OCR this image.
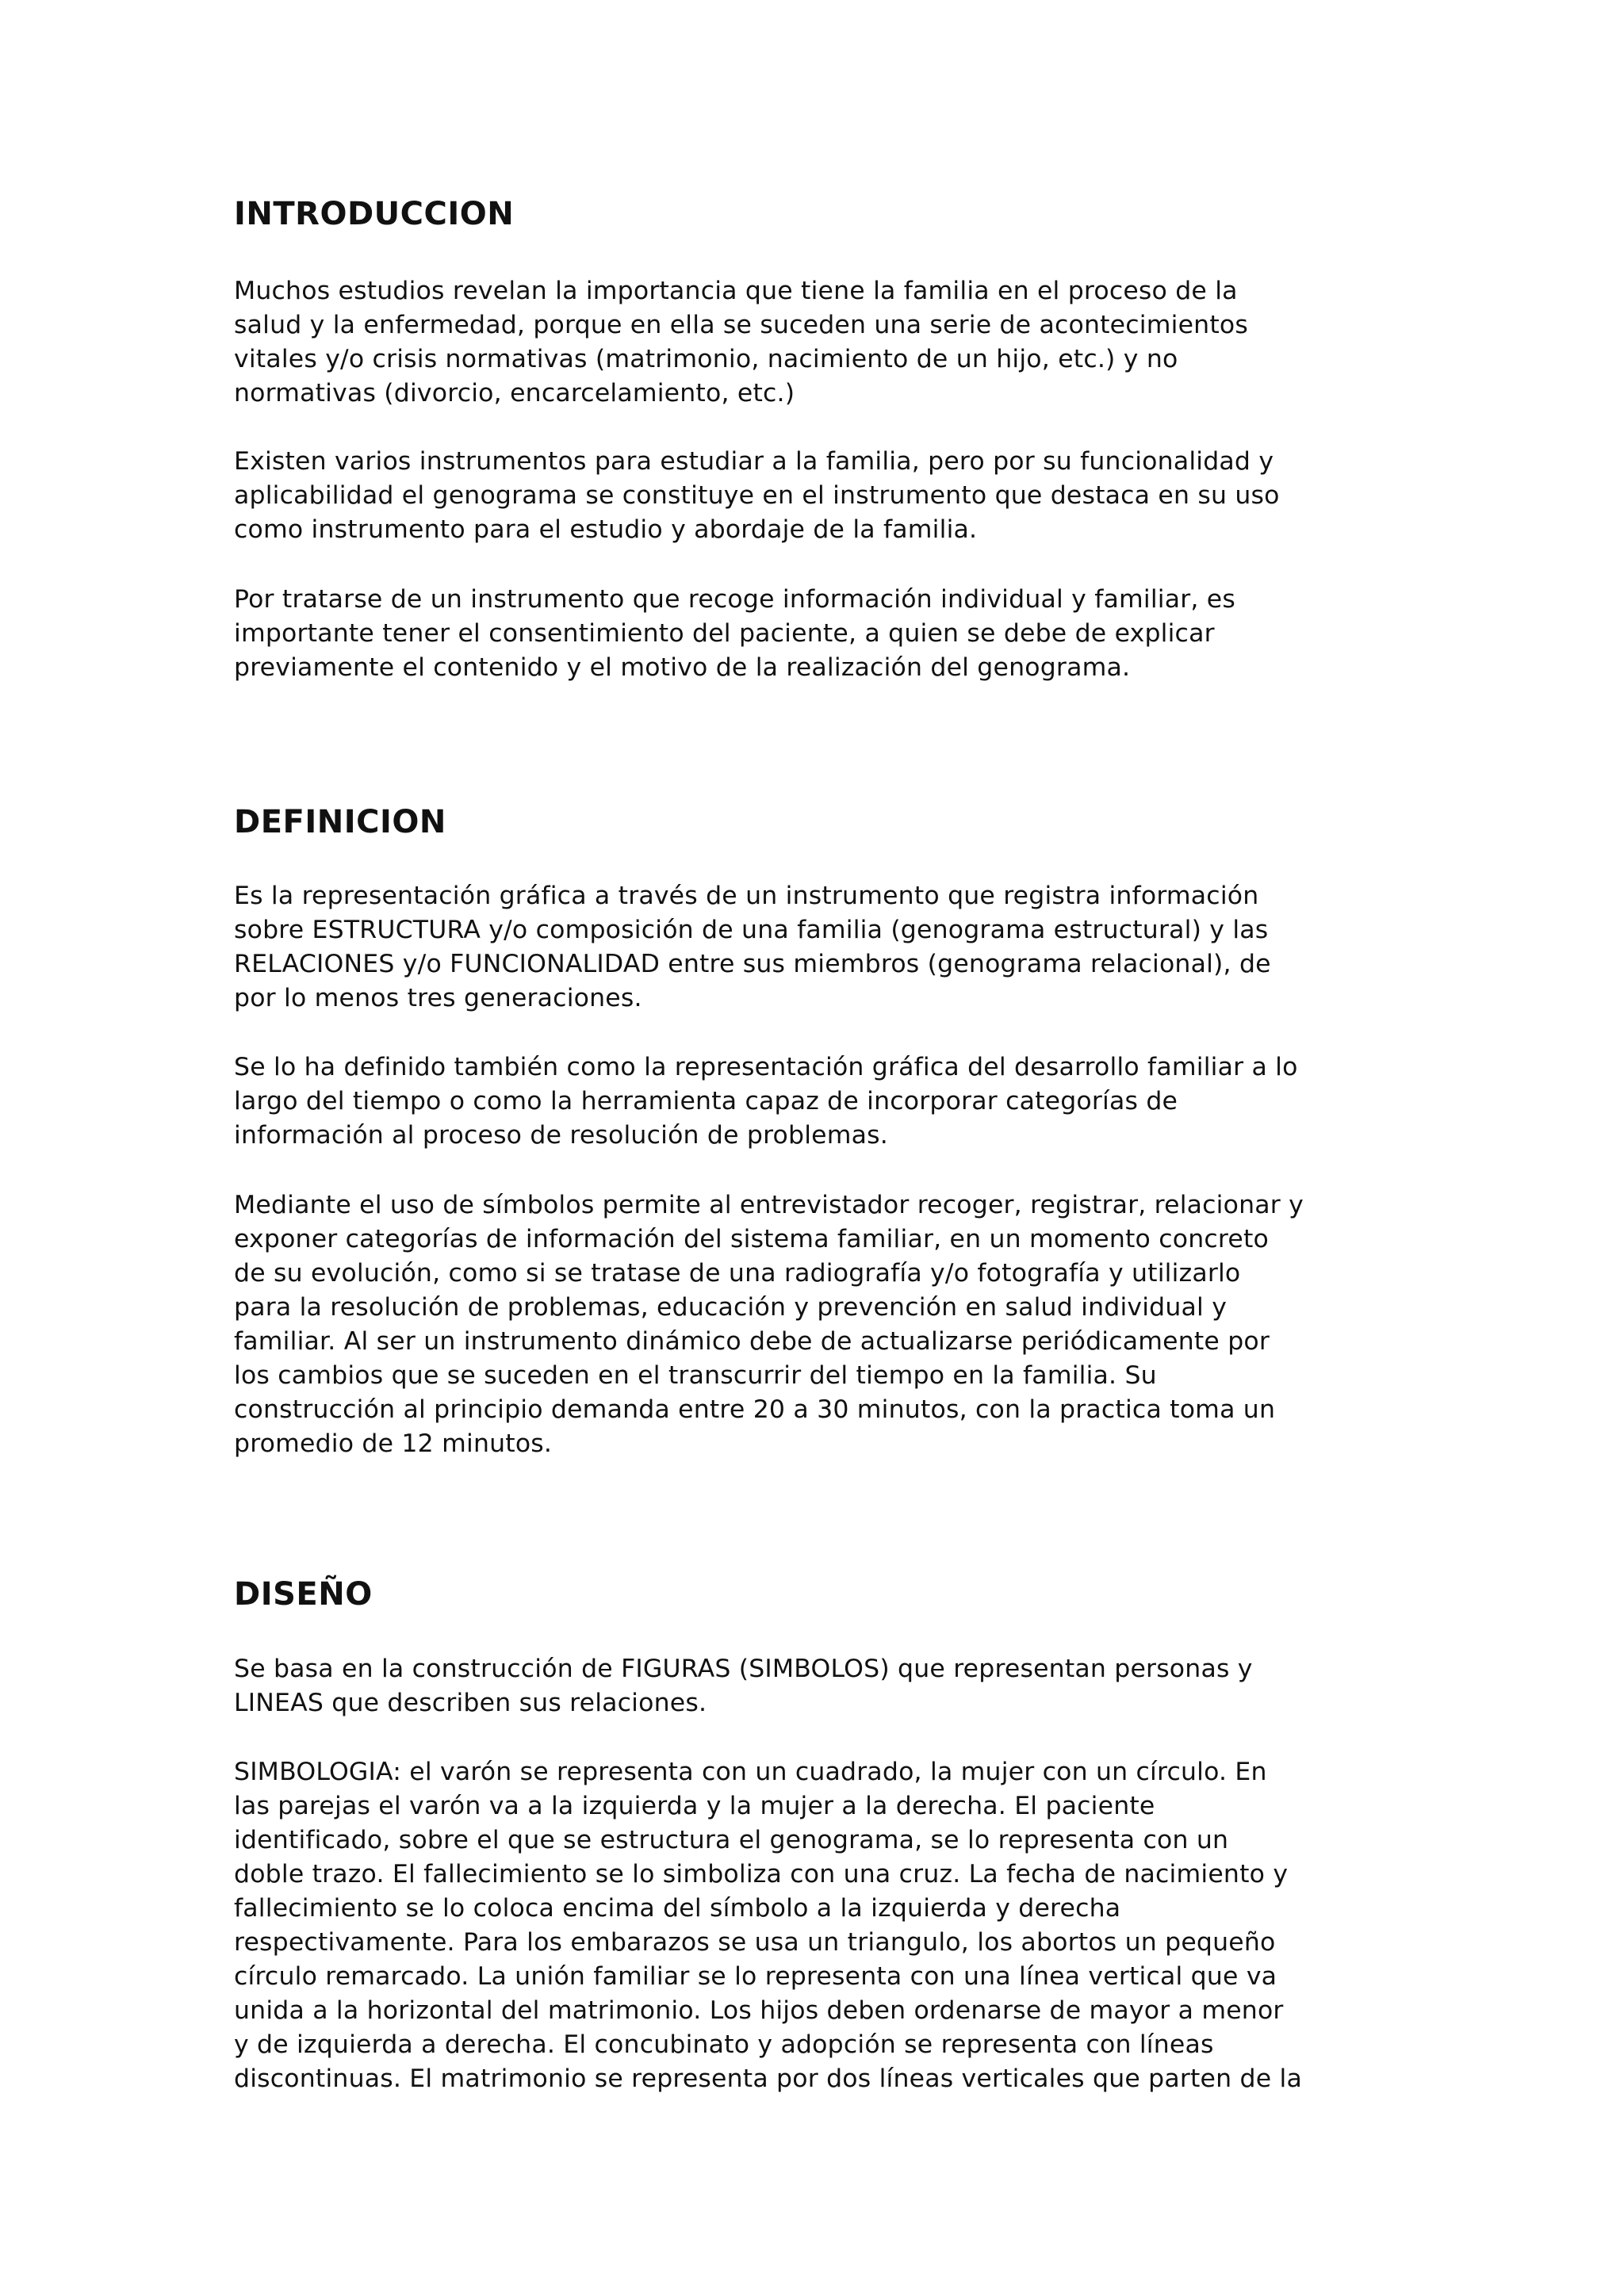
INTRODUCCION
Muchos estudios revelan la importancia que tiene la familia en el proceso de la
salud y la enfermedad, porque en ella se suceden una serie de acontecimientos
vitales y/o crisis normativas (matrimonio, nacimiento de un hijo, etc.) y no
normativas (divorcio, encarcelamiento, etc.)
Existen varios instrumentos para estudiar a la familia, pero por su funcionalidad y
aplicabilidad el genograma se constituye en el instrumento que destaca en su uso
como instrumento para el estudio y abordaje de la familia.
Por tratarse de un instrumento que recoge información individual y familiar, es
importante tener el consentimiento del paciente, a quien se debe de explicar
previamente el contenido y el motivo de la realización del genograma.
DEFINICION
Es la representación gráfica a través de un instrumento que registra información
sobre ESTRUCTURA y/o composición de una familia (genograma estructural) y las
RELACIONES y/o FUNCIONALIDAD entre sus miembros (genograma relacional), de
por lo menos tres generaciones.
Se lo ha definido también como la representación gráfica del desarrollo familiar a lo
largo del tiempo o como la herramienta capaz de incorporar categorías de
información al proceso de resolución de problemas.
Mediante el uso de símbolos permite al entrevistador recoger, registrar, relacionar y
exponer categorías de información del sistema familiar, en un momento concreto
de su evolución, como si se tratase de una radiografía y/o fotografía y utilizarlo
para la resolución de problemas, educación y prevención en salud individual y
familiar. Al ser un instrumento dinámico debe de actualizarse periódicamente por
los cambios que se suceden en el transcurrir del tiempo en la familia. Su
construcción al principio demanda entre 20 a 30 minutos, con la practica toma un
promedio de 12 minutos.
DISEÑO
Se basa en la construcción de FIGURAS (SIMBOLOS) que representan personas y
LINEAS que describen sus relaciones.
SIMBOLOGIA: el varón se representa con un cuadrado, la mujer con un círculo. En
las parejas el varón va a la izquierda y la mujer a la derecha. El paciente
identificado, sobre el que se estructura el genograma, se lo representa con un
doble trazo. El fallecimiento se lo simboliza con una cruz. La fecha de nacimiento y
fallecimiento se lo coloca encima del símbolo a la izquierda y derecha
respectivamente. Para los embarazos se usa un triangulo, los abortos un pequeño
círculo remarcado. La unión familiar se lo representa con una línea vertical que va
unida a la horizontal del matrimonio. Los hijos deben ordenarse de mayor a menor
y de izquierda a derecha. El concubinato y adopción se representa con líneas
discontinuas. El matrimonio se representa por dos líneas verticales que parten de la
